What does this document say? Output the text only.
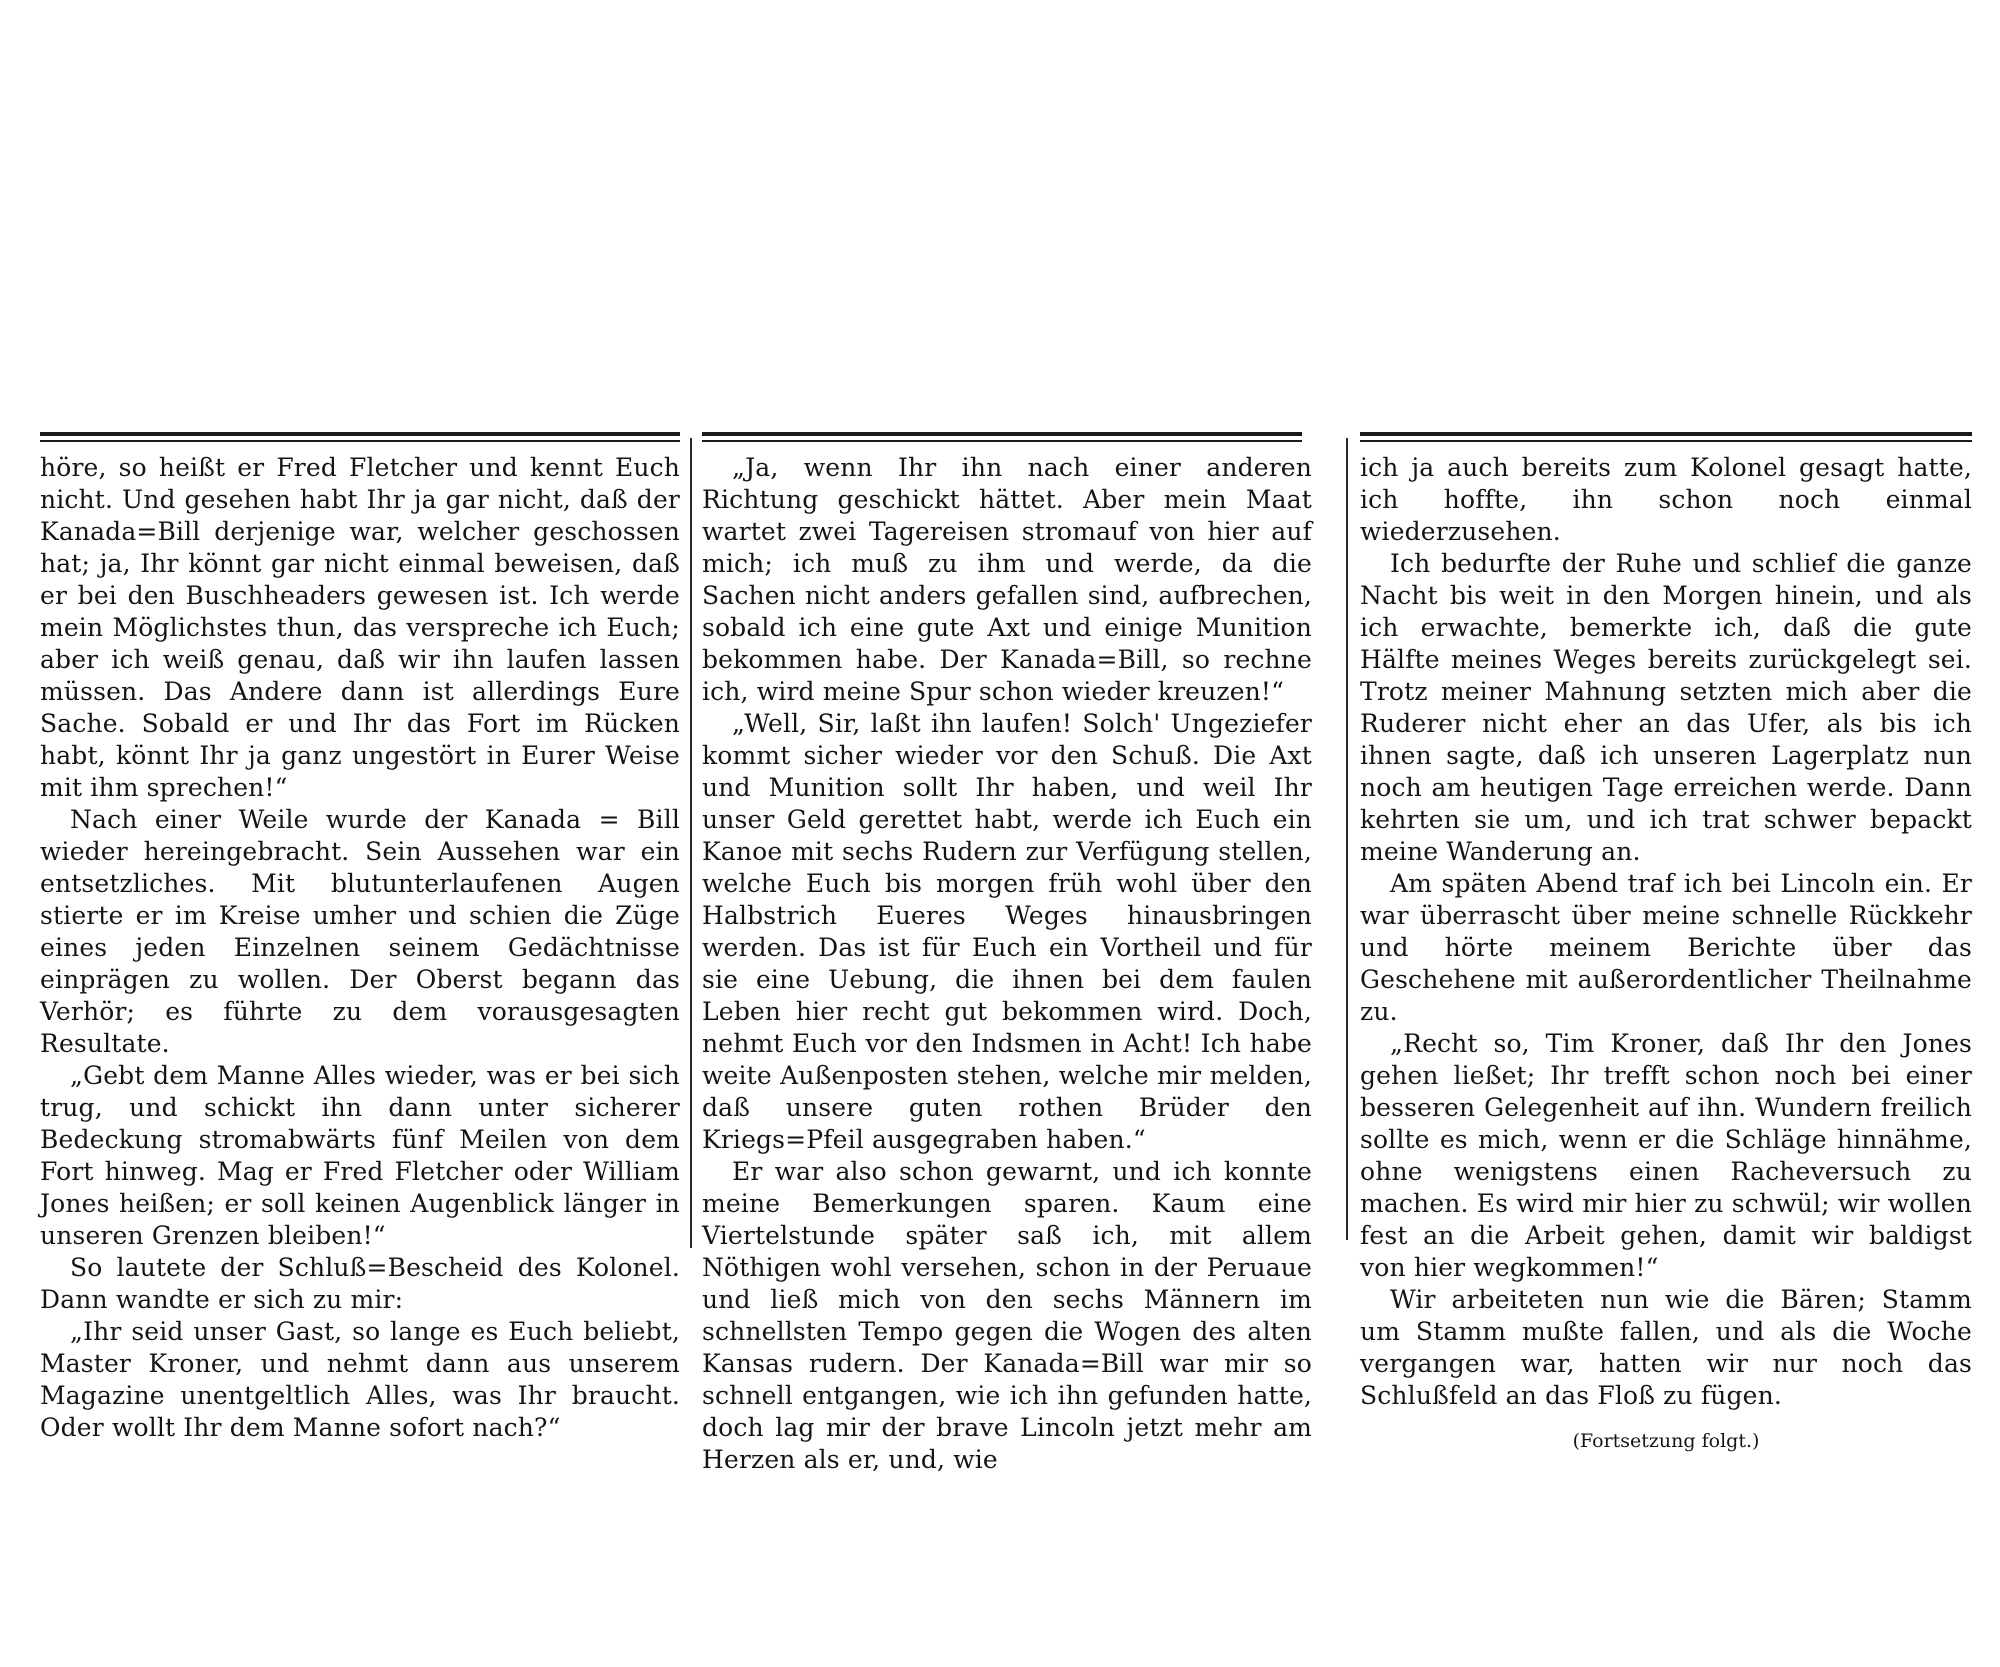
höre, so heißt er Fred Fletcher und kennt Euch nicht. Und gesehen habt Ihr ja gar nicht, daß der Kanada=Bill derjenige war, welcher geschossen hat; ja, Ihr könnt gar nicht einmal beweisen, daß er bei den Buschheaders gewesen ist. Ich werde mein Möglichstes thun, das verspreche ich Euch; aber ich weiß genau, daß wir ihn laufen lassen müssen. Das Andere dann ist allerdings Eure Sache. Sobald er und Ihr das Fort im Rücken habt, könnt Ihr ja ganz ungestört in Eurer Weise mit ihm sprechen!“

Nach einer Weile wurde der Kanada = Bill wieder hereingebracht. Sein Aussehen war ein entsetzliches. Mit blutunterlaufenen Augen stierte er im Kreise umher und schien die Züge eines jeden Einzelnen seinem Gedächtnisse einprägen zu wollen. Der Oberst begann das Verhör; es führte zu dem vorausgesagten Resultate.

„Gebt dem Manne Alles wieder, was er bei sich trug, und schickt ihn dann unter sicherer Bedeckung stromabwärts fünf Meilen von dem Fort hinweg. Mag er Fred Fletcher oder William Jones heißen; er soll keinen Augenblick länger in unseren Grenzen bleiben!“

So lautete der Schluß=Bescheid des Kolonel. Dann wandte er sich zu mir:

„Ihr seid unser Gast, so lange es Euch beliebt, Master Kroner, und nehmt dann aus unserem Magazine unentgeltlich Alles, was Ihr braucht. Oder wollt Ihr dem Manne sofort nach?“

„Ja, wenn Ihr ihn nach einer anderen Richtung geschickt hättet. Aber mein Maat wartet zwei Tagereisen stromauf von hier auf mich; ich muß zu ihm und werde, da die Sachen nicht anders gefallen sind, aufbrechen, sobald ich eine gute Axt und einige Munition bekommen habe. Der Kanada=Bill, so rechne ich, wird meine Spur schon wieder kreuzen!“

„Well, Sir, laßt ihn laufen! Solch' Ungeziefer kommt sicher wieder vor den Schuß. Die Axt und Munition sollt Ihr haben, und weil Ihr unser Geld gerettet habt, werde ich Euch ein Kanoe mit sechs Rudern zur Verfügung stellen, welche Euch bis morgen früh wohl über den Halbstrich Eueres Weges hinausbringen werden. Das ist für Euch ein Vortheil und für sie eine Uebung, die ihnen bei dem faulen Leben hier recht gut bekommen wird. Doch, nehmt Euch vor den Indsmen in Acht! Ich habe weite Außenposten stehen, welche mir melden, daß unsere guten rothen Brüder den Kriegs=Pfeil ausgegraben haben.“

Er war also schon gewarnt, und ich konnte meine Bemerkungen sparen. Kaum eine Viertelstunde später saß ich, mit allem Nöthigen wohl versehen, schon in der Peruaue und ließ mich von den sechs Männern im schnellsten Tempo gegen die Wogen des alten Kansas rudern. Der Kanada=Bill war mir so schnell entgangen, wie ich ihn gefunden hatte, doch lag mir der brave Lincoln jetzt mehr am Herzen als er, und, wie

ich ja auch bereits zum Kolonel gesagt hatte, ich hoffte, ihn schon noch einmal wiederzusehen.

Ich bedurfte der Ruhe und schlief die ganze Nacht bis weit in den Morgen hinein, und als ich erwachte, bemerkte ich, daß die gute Hälfte meines Weges bereits zurückgelegt sei. Trotz meiner Mahnung setzten mich aber die Ruderer nicht eher an das Ufer, als bis ich ihnen sagte, daß ich unseren Lagerplatz nun noch am heutigen Tage erreichen werde. Dann kehrten sie um, und ich trat schwer bepackt meine Wanderung an.

Am späten Abend traf ich bei Lincoln ein. Er war überrascht über meine schnelle Rückkehr und hörte meinem Berichte über das Geschehene mit außerordentlicher Theilnahme zu.

„Recht so, Tim Kroner, daß Ihr den Jones gehen ließet; Ihr trefft schon noch bei einer besseren Gelegenheit auf ihn. Wundern freilich sollte es mich, wenn er die Schläge hinnähme, ohne wenigstens einen Racheversuch zu machen. Es wird mir hier zu schwül; wir wollen fest an die Arbeit gehen, damit wir baldigst von hier wegkommen!“

Wir arbeiteten nun wie die Bären; Stamm um Stamm mußte fallen, und als die Woche vergangen war, hatten wir nur noch das Schlußfeld an das Floß zu fügen.

(Fortsetzung folgt.)
